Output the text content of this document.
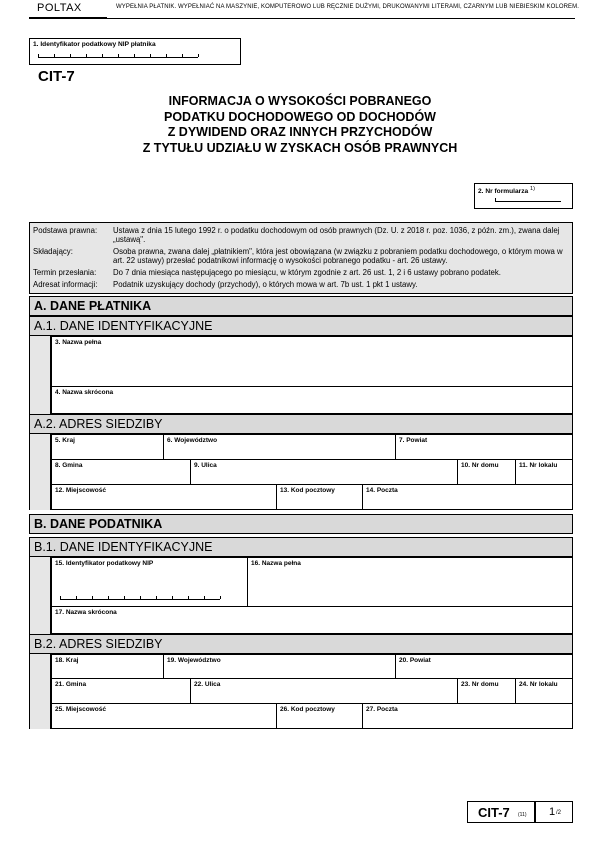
POLTAX	WYPEŁNIA PŁATNIK. WYPEŁNIAĆ NA MASZYNIE, KOMPUTEROWO LUB RĘCZNIE DUŻYMI, DRUKOWANYMI LITERAMI, CZARNYM LUB NIEBIESKIM KOLOREM.
1. Identyfikator podatkowy NIP płatnika
CIT-7
INFORMACJA O WYSOKOŚCI POBRANEGO
PODATKU DOCHODOWEGO OD DOCHODÓW
Z DYWIDEND ORAZ INNYCH PRZYCHODÓW
Z TYTUŁU UDZIAŁU W ZYSKACH OSÓB PRAWNYCH
2. Nr formularza $^{1)}$
Podstawa prawna: Ustawa z dnia 15 lutego 1992 r. o podatku dochodowym od osób prawnych (Dz. U. z 2018 r. poz. 1036, z późn. zm.), zwana dalej „ustawą".
Składający:	Osoba prawna, zwana dalej „płatnikiem", która jest obowiązana (w związku z pobraniem podatku dochodowego, o którym mowa w art. 22 ustawy) przesłać podatnikowi informację o wysokości pobranego podatku - art. 26 ustawy.
Termin przesłania: Do 7 dnia miesiąca następującego po miesiącu, w którym zgodnie z art. 26 ust. 1, 2 i 6 ustawy pobrano podatek.
Adresat informacji: Podatnik uzyskujący dochody (przychody), o których mowa w art. 7b ust. 1 pkt 1 ustawy.
A. DANE PŁATNIKA
A.1. DANE IDENTYFIKACYJNE
3. Nazwa pełna
4. Nazwa skrócona
A.2. ADRES SIEDZIBY
5. Kraj	6. Województwo	7. Powiat
8. Gmina	9. Ulica	10. Nr domu	11. Nr lokalu
12. Miejscowość	13. Kod pocztowy	14. Poczta
B. DANE PODATNIKA
B.1. DANE IDENTYFIKACYJNE
15. Identyfikator podatkowy NIP	16. Nazwa pełna
17. Nazwa skrócona
B.2. ADRES SIEDZIBY
18. Kraj	19. Województwo	20. Powiat
21. Gmina	22. Ulica	23. Nr domu	24. Nr lokalu
25. Miejscowość	26. Kod pocztowy	27. Poczta
CIT-7 (11) 1 /2
